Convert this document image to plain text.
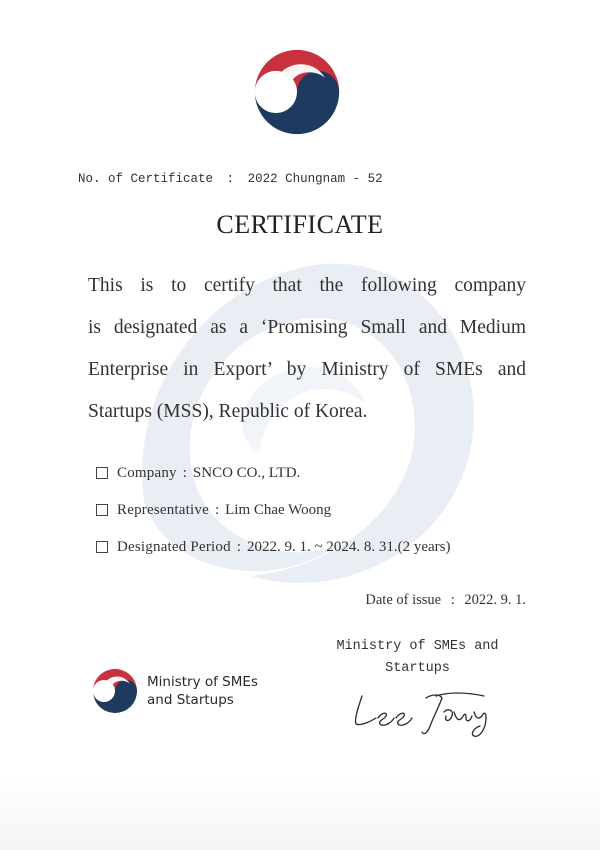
No. of Certificate : 2022 Chungnam - 52
CERTIFICATE
This is to certify that the following company
is designated as a ‘Promising Small and Medium
Enterprise in Export’ by Ministry of SMEs and
Startups (MSS), Republic of Korea.
Company : SNCO CO., LTD.
Representative : Lim Chae Woong
Designated Period : 2022. 9. 1. ~ 2024. 8. 31.(2 years)
Date of issue : 2022. 9. 1.
Ministry of SMEs and
Startups
Ministry of SMEs
and Startups
